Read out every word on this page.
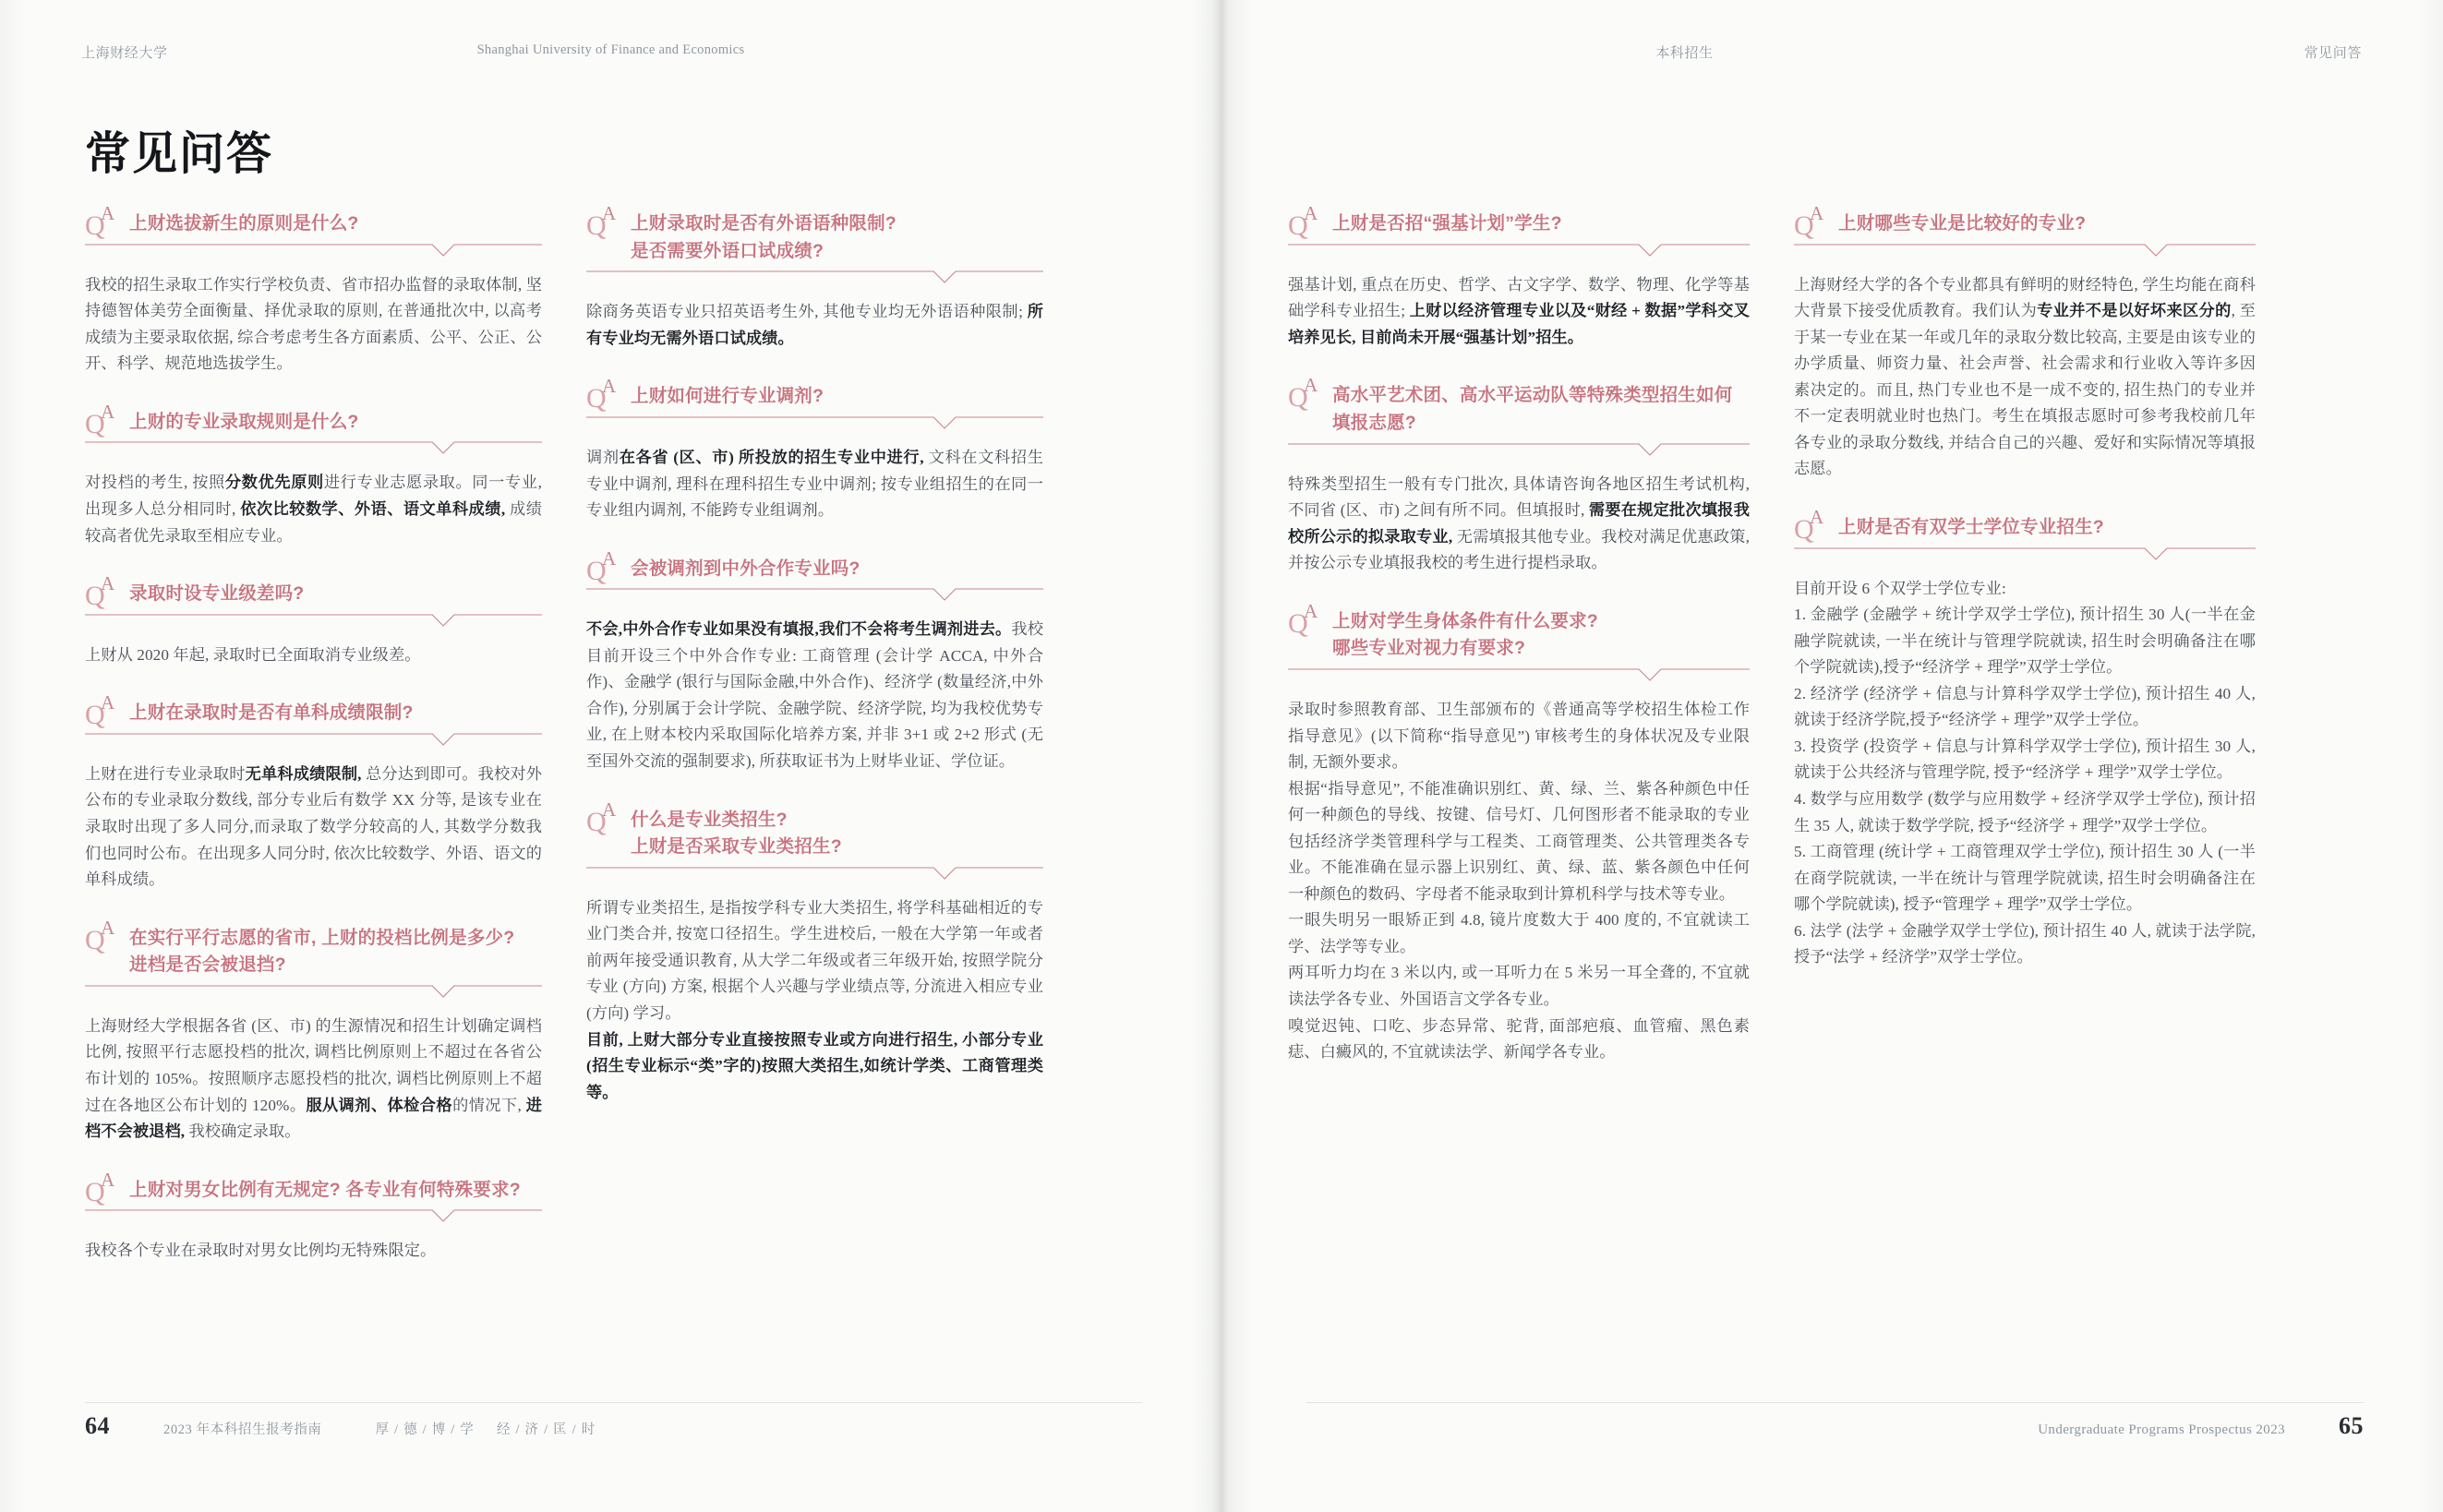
上海财经大学	Shanghai University of Finance and Economics
常见问答
Q
A 上财选拔新生的原则是什么?
我校的招生录取工作实行学校负责、省市招办监督的录取体制, 坚持德智体美劳全面衡量、择优录取的原则, 在普通批次中, 以高考成绩为主要录取依据, 综合考虑考生各方面素质、公平、公正、公开、科学、规范地选拔学生。
Q
A 上财的专业录取规则是什么?
对投档的考生, 按照分数优先原则进行专业志愿录取。同一专业, 出现多人总分相同时, 依次比较数学、外语、语文单科成绩, 成绩较高者优先录取至相应专业。
Q
A 录取时设专业级差吗?
上财从 2020 年起, 录取时已全面取消专业级差。
Q
A 上财在录取时是否有单科成绩限制?
上财在进行专业录取时无单科成绩限制, 总分达到即可。我校对外公布的专业录取分数线, 部分专业后有数学 XX 分等, 是该专业在录取时出现了多人同分,而录取了数学分较高的人, 其数学分数我们也同时公布。在出现多人同分时, 依次比较数学、外语、语文的单科成绩。
Q
A 在实行平行志愿的省市, 上财的投档比例是多少?
进档是否会被退挡?
上海财经大学根据各省 (区、市) 的生源情况和招生计划确定调档比例, 按照平行志愿投档的批次, 调档比例原则上不超过在各省公布计划的 105%。按照顺序志愿投档的批次, 调档比例原则上不超过在各地区公布计划的 120%。服从调剂、体检合格的情况下, 进档不会被退档, 我校确定录取。
Q
A 上财对男女比例有无规定? 各专业有何特殊要求?
我校各个专业在录取时对男女比例均无特殊限定。
Q
A 上财录取时是否有外语语种限制?
是否需要外语口试成绩?
除商务英语专业只招英语考生外, 其他专业均无外语语种限制; 所有专业均无需外语口试成绩。
Q
A 上财如何进行专业调剂?
调剂在各省 (区、市) 所投放的招生专业中进行, 文科在文科招生专业中调剂, 理科在理科招生专业中调剂; 按专业组招生的在同一专业组内调剂, 不能跨专业组调剂。
Q
A 会被调剂到中外合作专业吗?
不会,中外合作专业如果没有填报,我们不会将考生调剂进去。我校目前开设三个中外合作专业: 工商管理 (会计学 ACCA, 中外合作)、金融学 (银行与国际金融,中外合作)、经济学 (数量经济,中外合作), 分别属于会计学院、金融学院、经济学院, 均为我校优势专业, 在上财本校内采取国际化培养方案, 并非 3+1 或 2+2 形式 (无至国外交流的强制要求), 所获取证书为上财毕业证、学位证。
Q
A 什么是专业类招生?
上财是否采取专业类招生?
所谓专业类招生, 是指按学科专业大类招生, 将学科基础相近的专业门类合并, 按宽口径招生。学生进校后, 一般在大学第一年或者前两年接受通识教育, 从大学二年级或者三年级开始, 按照学院分专业 (方向) 方案, 根据个人兴趣与学业绩点等, 分流进入相应专业 (方向) 学习。
目前, 上财大部分专业直接按照专业或方向进行招生, 小部分专业(招生专业标示“类”字的)按照大类招生,如统计学类、工商管理类等。
64	2023 年本科招生报考指南	厚 / 德 / 博 / 学 经 / 济 / 匡 / 时
本科招生	常见问答
Q
A 上财是否招“强基计划”学生?
强基计划, 重点在历史、哲学、古文字学、数学、物理、化学等基础学科专业招生; 上财以经济管理专业以及“财经 + 数据”学科交叉培养见长, 目前尚未开展“强基计划”招生。
Q
A 高水平艺术团、高水平运动队等特殊类型招生如何
填报志愿?
特殊类型招生一般有专门批次, 具体请咨询各地区招生考试机构, 不同省 (区、市) 之间有所不同。但填报时, 需要在规定批次填报我校所公示的拟录取专业, 无需填报其他专业。我校对满足优惠政策, 并按公示专业填报我校的考生进行提档录取。
Q
A 上财对学生身体条件有什么要求?
哪些专业对视力有要求?
录取时参照教育部、卫生部颁布的《普通高等学校招生体检工作指导意见》(以下简称“指导意见”) 审核考生的身体状况及专业限制, 无额外要求。
根据“指导意见”, 不能准确识别红、黄、绿、兰、紫各种颜色中任何一种颜色的导线、按键、信号灯、几何图形者不能录取的专业包括经济学类管理科学与工程类、工商管理类、公共管理类各专业。不能准确在显示器上识别红、黄、绿、蓝、紫各颜色中任何一种颜色的数码、字母者不能录取到计算机科学与技术等专业。
一眼失明另一眼矫正到 4.8, 镜片度数大于 400 度的, 不宜就读工学、法学等专业。
两耳听力均在 3 米以内, 或一耳听力在 5 米另一耳全聋的, 不宜就读法学各专业、外国语言文学各专业。
嗅觉迟钝、口吃、步态异常、驼背, 面部疤痕、血管瘤、黑色素痣、白癜风的, 不宜就读法学、新闻学各专业。
Q
A 上财哪些专业是比较好的专业?
上海财经大学的各个专业都具有鲜明的财经特色, 学生均能在商科大背景下接受优质教育。我们认为专业并不是以好坏来区分的, 至于某一专业在某一年或几年的录取分数比较高, 主要是由该专业的办学质量、师资力量、社会声誉、社会需求和行业收入等许多因素决定的。而且, 热门专业也不是一成不变的, 招生热门的专业并不一定表明就业时也热门。考生在填报志愿时可参考我校前几年各专业的录取分数线, 并结合自己的兴趣、爱好和实际情况等填报志愿。
Q
A 上财是否有双学士学位专业招生?
目前开设 6 个双学士学位专业:
1. 金融学 (金融学 + 统计学双学士学位), 预计招生 30 人(一半在金融学院就读, 一半在统计与管理学院就读, 招生时会明确备注在哪个学院就读),授予“经济学 + 理学”双学士学位。
2. 经济学 (经济学 + 信息与计算科学双学士学位), 预计招生 40 人,就读于经济学院,授予“经济学 + 理学”双学士学位。
3. 投资学 (投资学 + 信息与计算科学双学士学位), 预计招生 30 人, 就读于公共经济与管理学院, 授予“经济学 + 理学”双学士学位。
4. 数学与应用数学 (数学与应用数学 + 经济学双学士学位), 预计招生 35 人, 就读于数学学院, 授予“经济学 + 理学”双学士学位。
5. 工商管理 (统计学 + 工商管理双学士学位), 预计招生 30 人 (一半在商学院就读, 一半在统计与管理学院就读, 招生时会明确备注在哪个学院就读), 授予“管理学 + 理学”双学士学位。
6. 法学 (法学 + 金融学双学士学位), 预计招生 40 人, 就读于法学院, 授予“法学 + 经济学”双学士学位。
Undergraduate Programs Prospectus 2023 65
